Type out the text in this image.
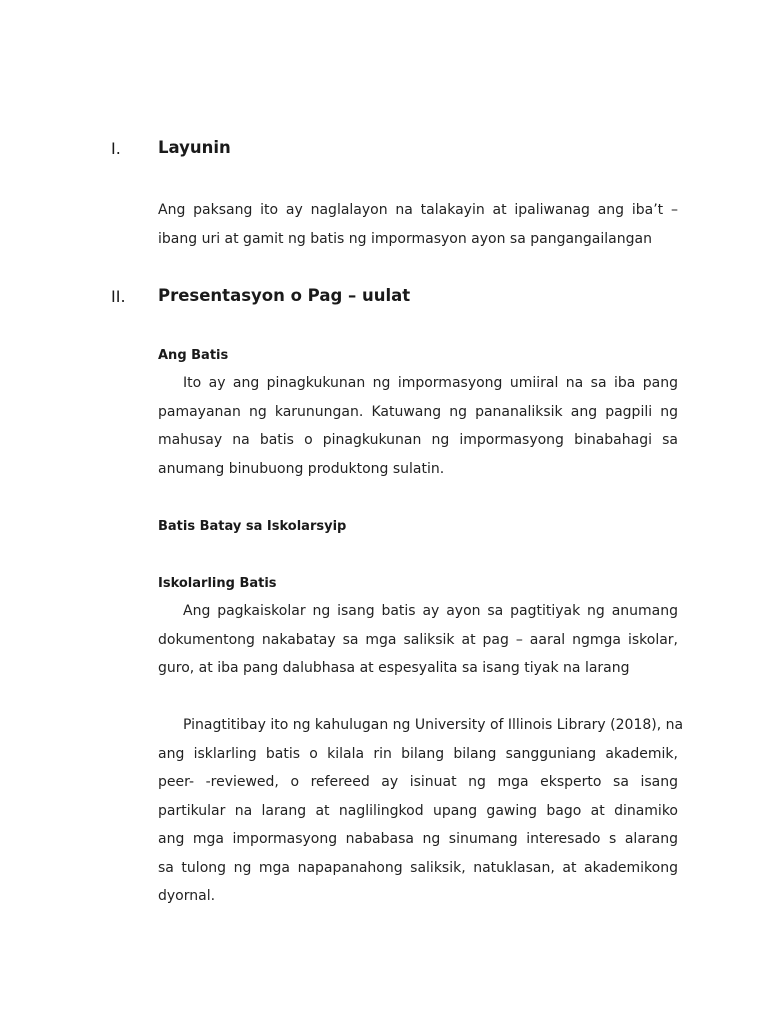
I. Layunin
Ang paksang ito ay naglalayon na talakayin at ipaliwanag ang iba’t –
ibang uri at gamit ng batis ng impormasyon ayon sa pangangailangan
II. Presentasyon o Pag – uulat
Ang Batis
Ito ay ang pinagkukunan ng impormasyong umiiral na sa iba pang
pamayanan ng karunungan. Katuwang ng pananaliksik ang pagpili ng
mahusay na batis o pinagkukunan ng impormasyong binabahagi sa
anumang binubuong produktong sulatin.
Batis Batay sa Iskolarsyip
Iskolarling Batis
Ang pagkaiskolar ng isang batis ay ayon sa pagtitiyak ng anumang
dokumentong nakabatay sa mga saliksik at pag – aaral ngmga iskolar,
guro, at iba pang dalubhasa at espesyalita sa isang tiyak na larang
Pinagtitibay ito ng kahulugan ng University of Illinois Library (2018), na
ang isklarling batis o kilala rin bilang bilang sangguniang akademik,
peer- -reviewed, o refereed ay isinuat ng mga eksperto sa isang
partikular na larang at naglilingkod upang gawing bago at dinamiko
ang mga impormasyong nababasa ng sinumang interesado s alarang
sa tulong ng mga napapanahong saliksik, natuklasan, at akademikong
dyornal.
